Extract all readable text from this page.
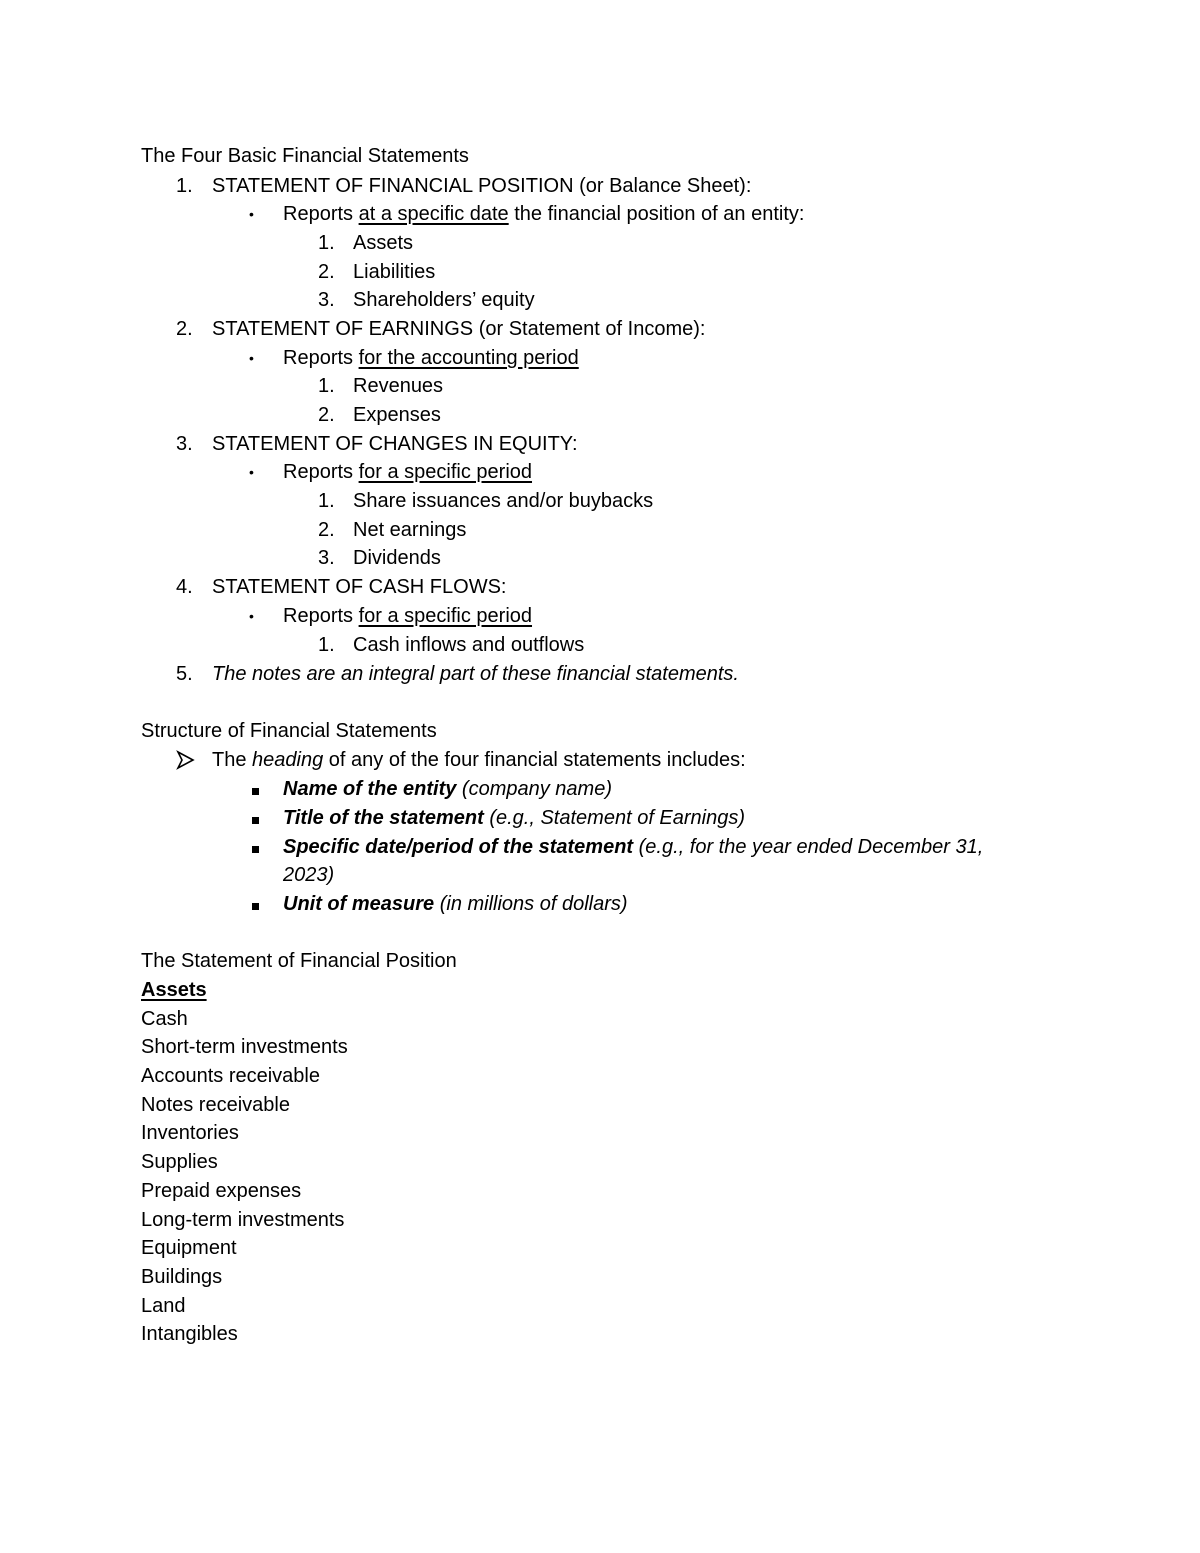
The Four Basic Financial Statements
1. STATEMENT OF FINANCIAL POSITION (or Balance Sheet):
• Reports at a specific date the financial position of an entity:
1. Assets
2. Liabilities
3. Shareholders’ equity
2. STATEMENT OF EARNINGS (or Statement of Income):
• Reports for the accounting period
1. Revenues
2. Expenses
3. STATEMENT OF CHANGES IN EQUITY:
• Reports for a specific period
1. Share issuances and/or buybacks
2. Net earnings
3. Dividends
4. STATEMENT OF CASH FLOWS:
• Reports for a specific period
1. Cash inflows and outflows
5. The notes are an integral part of these financial statements.
Structure of Financial Statements
The heading of any of the four financial statements includes:
Name of the entity (company name)
Title of the statement (e.g., Statement of Earnings)
Specific date/period of the statement (e.g., for the year ended December 31,
2023)
Unit of measure (in millions of dollars)
The Statement of Financial Position
Assets
Cash
Short-term investments
Accounts receivable
Notes receivable
Inventories
Supplies
Prepaid expenses
Long-term investments
Equipment
Buildings
Land
Intangibles
